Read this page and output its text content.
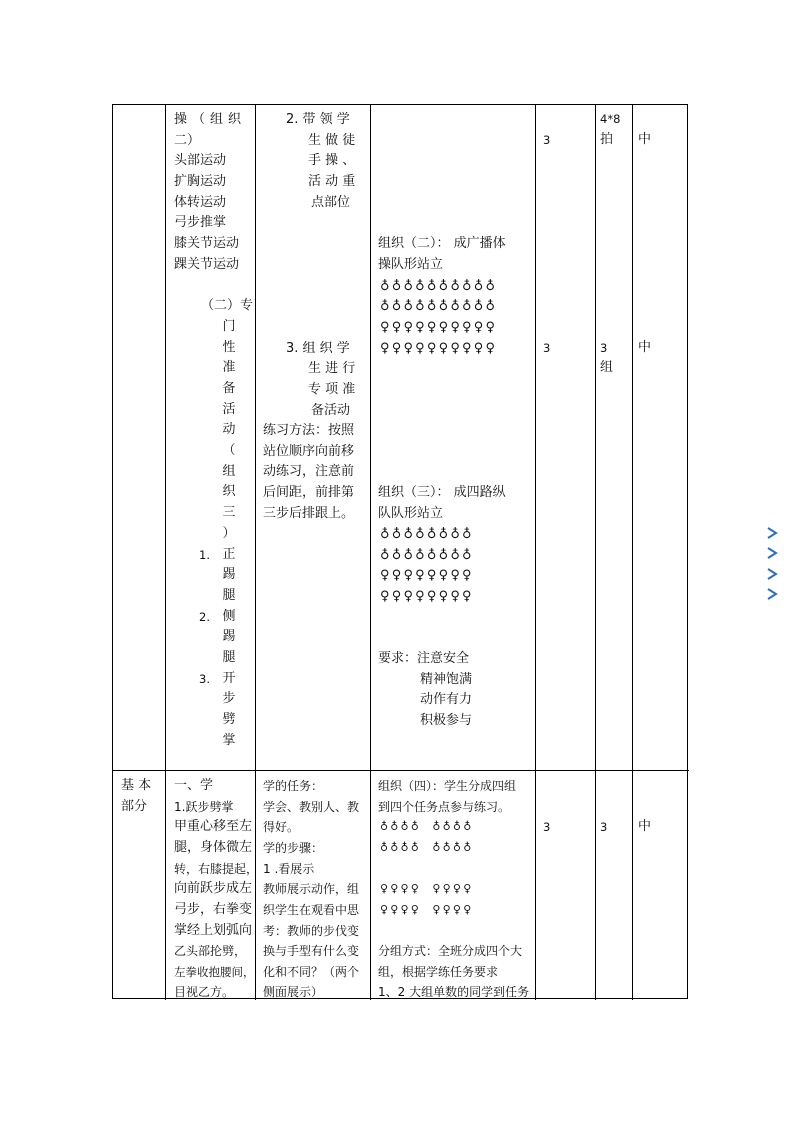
操（组织
二）
头部运动
扩胸运动
体转运动
弓步推掌
膝关节运动
踝关节运动
（二）专
门
性
准
备
活
动
（
组
织
三
）
1. 正
踢
腿
2. 侧
踢
腿
3. 开
步
劈
掌
2. 带 领 学
生 做 徒
手 操 、
活 动 重
点部位
3. 组 织 学
生 进 行
专 项 准
备活动
练习方法：按照
站位顺序向前移
动练习，注意前
后间距，前排第
三步后排跟上。
组织（二）： 成广播体
操队形站立
♁♁♁♁♁♁♁♁♁♁
♁♁♁♁♁♁♁♁♁♁
♀♀♀♀♀♀♀♀♀♀
♀♀♀♀♀♀♀♀♀♀
组织（三）： 成四路纵
队队形站立
♁♁♁♁♁♁♁♁
♁♁♁♁♁♁♁♁
♀♀♀♀♀♀♀♀
♀♀♀♀♀♀♀♀
要求：注意安全
精神饱满
动作有力
积极参与
3
3
4*8
拍
3
组
中
中
基 本
部分
一、学
1.跃步劈掌
甲重心移至左
腿，身体微左
转，右膝提起，
向前跃步成左
弓步，右拳变
掌经上划弧向
乙头部抡劈，
左拳收抱腰间，
目视乙方。
学的任务：
学会、教别人、教
得好。
学的步骤：
1 .看展示
教师展示动作，组
织学生在观看中思
考：教师的步伐变
换与手型有什么变
化和不同？（两个
侧面展示）
组织（四）：学生分成四组
到四个任务点参与练习。
♁♁♁♁  ♁♁♁♁
♁♁♁♁  ♁♁♁♁
♀♀♀♀  ♀♀♀♀
♀♀♀♀  ♀♀♀♀
分组方式：全班分成四个大
组，根据学练任务要求
1、2 大组单数的同学到任务
3	3 中
